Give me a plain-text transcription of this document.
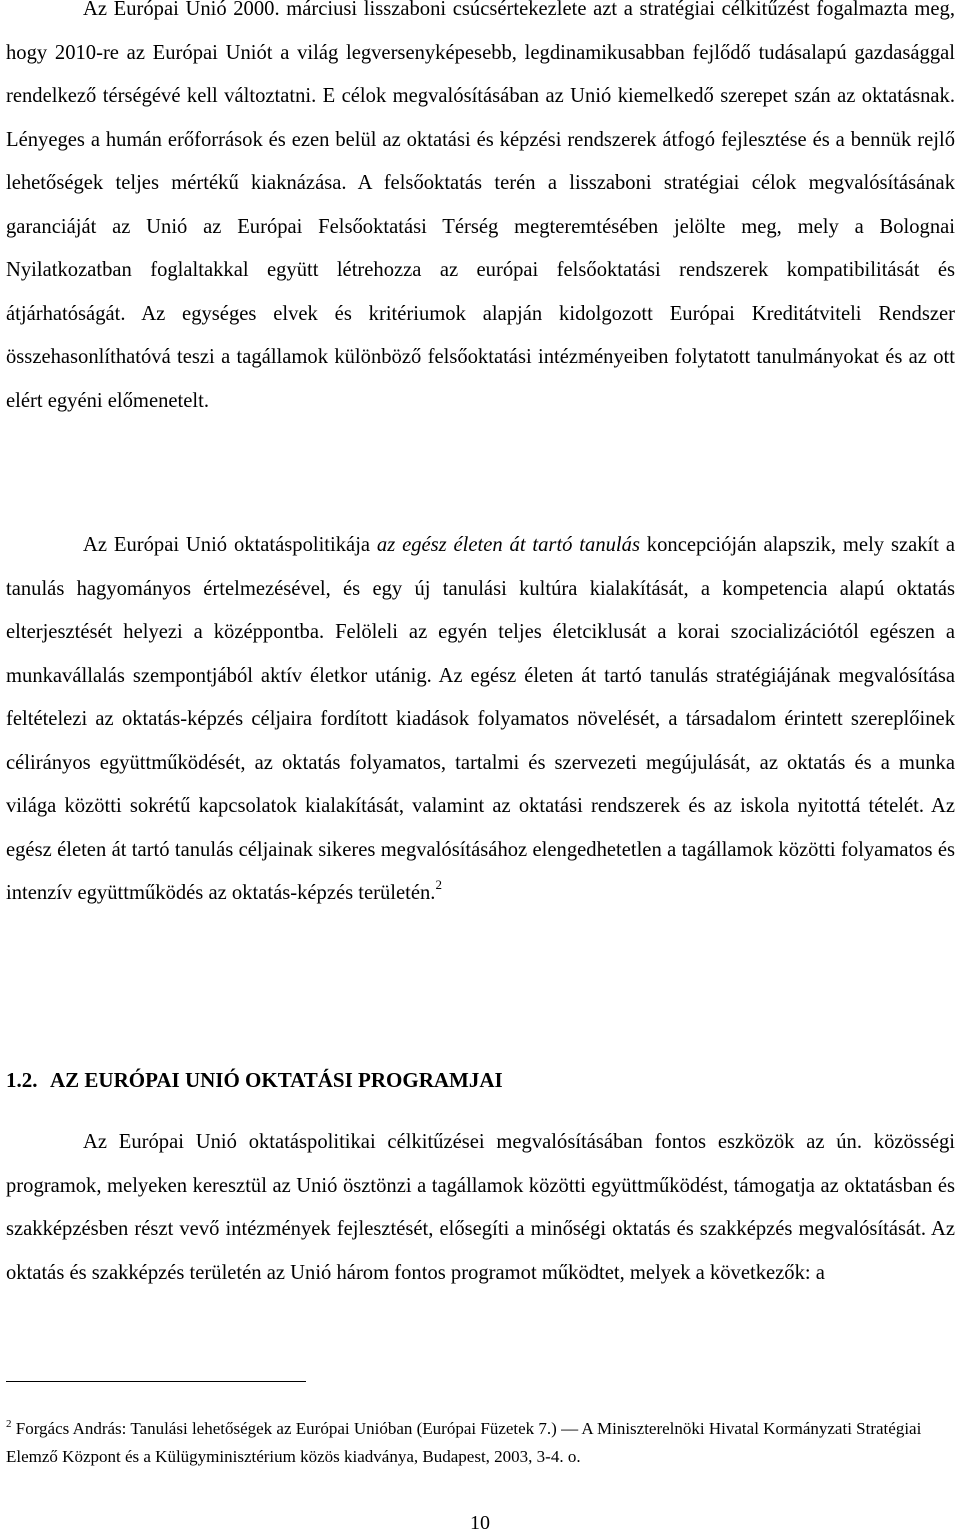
Az Európai Unió 2000. márciusi lisszaboni csúcsértekezlete azt a stratégiai célkitűzést fogalmazta meg, hogy 2010-re az Európai Uniót a világ legversenyképesebb, legdinamikusabban fejlődő tudásalapú gazdasággal rendelkező térségévé kell változtatni. E célok megvalósításában az Unió kiemelkedő szerepet szán az oktatásnak. Lényeges a humán erőforrások és ezen belül az oktatási és képzési rendszerek átfogó fejlesztése és a bennük rejlő lehetőségek teljes mértékű kiaknázása. A felsőoktatás terén a lisszaboni stratégiai célok megvalósításának garanciáját az Unió az Európai Felsőoktatási Térség megteremtésében jelölte meg, mely a Bolognai Nyilatkozatban foglaltakkal együtt létrehozza az európai felsőoktatási rendszerek kompatibilitását és átjárhatóságát. Az egységes elvek és kritériumok alapján kidolgozott Európai Kreditátviteli Rendszer összehasonlíthatóvá teszi a tagállamok különböző felsőoktatási intézményeiben folytatott tanulmányokat és az ott elért egyéni előmenetelt.

Az Európai Unió oktatáspolitikája az egész életen át tartó tanulás koncepcióján alapszik, mely szakít a tanulás hagyományos értelmezésével, és egy új tanulási kultúra kialakítását, a kompetencia alapú oktatás elterjesztését helyezi a középpontba. Felöleli az egyén teljes életciklusát a korai szocializációtól egészen a munkavállalás szempontjából aktív életkor utánig. Az egész életen át tartó tanulás stratégiájának megvalósítása feltételezi az oktatás-képzés céljaira fordított kiadások folyamatos növelését, a társadalom érintett szereplőinek célirányos együttműködését, az oktatás folyamatos, tartalmi és szervezeti megújulását, az oktatás és a munka világa közötti sokrétű kapcsolatok kialakítását, valamint az oktatási rendszerek és az iskola nyitottá tételét. Az egész életen át tartó tanulás céljainak sikeres megvalósításához elengedhetetlen a tagállamok közötti folyamatos és intenzív együttműködés az oktatás-képzés területén.$^2$

1.2. AZ EURÓPAI UNIÓ OKTATÁSI PROGRAMJAI

Az Európai Unió oktatáspolitikai célkitűzései megvalósításában fontos eszközök az ún. közösségi programok, melyeken keresztül az Unió ösztönzi a tagállamok közötti együttműködést, támogatja az oktatásban és szakképzésben részt vevő intézmények fejlesztését, elősegíti a minőségi oktatás és szakképzés megvalósítását. Az oktatás és szakképzés területén az Unió három fontos programot működtet, melyek a következők: a

$^2$ Forgács András: Tanulási lehetőségek az Európai Unióban (Európai Füzetek 7.) ― A Miniszterelnöki Hivatal Kormányzati Stratégiai Elemző Központ és a Külügyminisztérium közös kiadványa, Budapest, 2003, 3-4. o.

10
